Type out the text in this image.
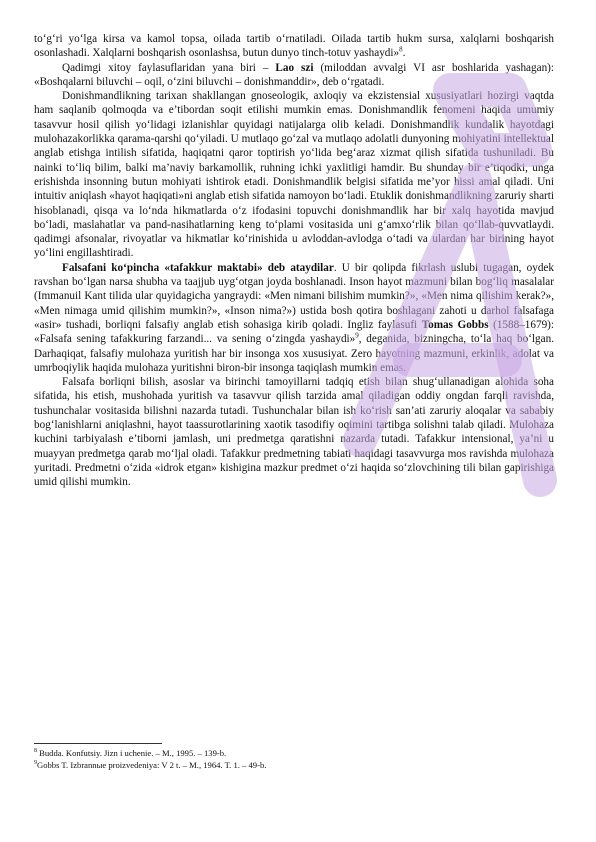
to‘g‘ri yo‘lga kirsa va kamol topsa, oilada tartib o‘rnatiladi. Oilada tartib hukm sursa, xalqlarni boshqarish osonlashadi. Xalqlarni boshqarish osonlashsa, butun dunyo tinch-totuv yashaydi»$^8$.

Qadimgi xitoy faylasuflaridan yana biri – Lao szi (miloddan avvalgi VI asr boshlarida yashagan): «Boshqalarni biluvchi – oqil, o‘zini biluvchi – donishmanddir», deb o‘rgatadi.

Donishmandlikning tarixan shakllangan gnoseologik, axloqiy va ekzistensial xususiyatlari hozirgi vaqtda ham saqlanib qolmoqda va e’tibordan soqit etilishi mumkin emas. Donishmandlik fenomeni haqida umumiy tasavvur hosil qilish yo‘lidagi izlanishlar quyidagi natijalarga olib keladi. Donishmandlik kundalik hayotdagi mulohazakorlikka qarama-qarshi qo‘yiladi. U mutlaqo go‘zal va mutlaqo adolatli dunyoning mohiyatini intellektual anglab etishga intilish sifatida, haqiqatni qaror toptirish yo‘lida beg‘araz xizmat qilish sifatida tushuniladi. Bu nainki to‘liq bilim, balki ma’naviy barkamollik, ruhning ichki yaxlitligi hamdir. Bu shunday bir e’tiqodki, unga erishishda insonning butun mohiyati ishtirok etadi. Donishmandlik belgisi sifatida me’yor hissi amal qiladi. Uni intuitiv aniqlash «hayot haqiqati»ni anglab etish sifatida namoyon bo‘ladi. Etuklik donishmandlikning zaruriy sharti hisoblanadi, qisqa va lo‘nda hikmatlarda o‘z ifodasini topuvchi donishmandlik har bir xalq hayotida mavjud bo‘ladi, maslahatlar va pand-nasihatlarning keng to‘plami vositasida uni g‘amxo‘rlik bilan qo‘llab-quvvatlaydi. qadimgi afsonalar, rivoyatlar va hikmatlar ko‘rinishida u avloddan-avlodga o‘tadi va ulardan har birining hayot yo‘lini engillashtiradi.

Falsafani ko‘pincha «tafakkur maktabi» deb ataydilar. U bir qolipda fikrlash uslubi tugagan, oydek ravshan bo‘lgan narsa shubha va taajjub uyg‘otgan joyda boshlanadi. Inson hayot mazmuni bilan bog‘liq masalalar (Immanuil Kant tilida ular quyidagicha yangraydi: «Men nimani bilishim mumkin?», «Men nima qilishim kerak?», «Men nimaga umid qilishim mumkin?», «Inson nima?») ustida bosh qotira boshlagani zahoti u darhol falsafaga «asir» tushadi, borliqni falsafiy anglab etish sohasiga kirib qoladi. Ingliz faylasufi Tomas Gobbs (1588–1679): «Falsafa sening tafakkuring farzandi... va sening o‘zingda yashaydi»$^9$, deganida, bizningcha, to‘la haq bo‘lgan. Darhaqiqat, falsafiy mulohaza yuritish har bir insonga xos xususiyat. Zero hayotning mazmuni, erkinlik, adolat va umrboqiylik haqida mulohaza yuritishni biron-bir insonga taqiqlash mumkin emas.

Falsafa borliqni bilish, asoslar va birinchi tamoyillarni tadqiq etish bilan shug‘ullanadigan alohida soha sifatida, his etish, mushohada yuritish va tasavvur qilish tarzida amal qiladigan oddiy ongdan farqli ravishda, tushunchalar vositasida bilishni nazarda tutadi. Tushunchalar bilan ish ko‘rish san’ati zaruriy aloqalar va sababiy bog‘lanishlarni aniqlashni, hayot taassurotlarining xaotik tasodifiy oqimini tartibga solishni talab qiladi. Mulohaza kuchini tarbiyalash e’tiborni jamlash, uni predmetga qaratishni nazarda tutadi. Tafakkur intensional, ya’ni u muayyan predmetga qarab mo‘ljal oladi. Tafakkur predmetning tabiati haqidagi tasavvurga mos ravishda mulohaza yuritadi. Predmetni o‘zida «idrok etgan» kishigina mazkur predmet o‘zi haqida so‘zlovchining tili bilan gapirishiga umid qilishi mumkin.

$^8$ Budda. Konfutsiy. Jizn i uchenie. – M., 1995. – 139-b.

$^9$Gobbs T. Izbrannыe proizvedeniya: V 2 t. – M., 1964. T. 1. – 49-b.
